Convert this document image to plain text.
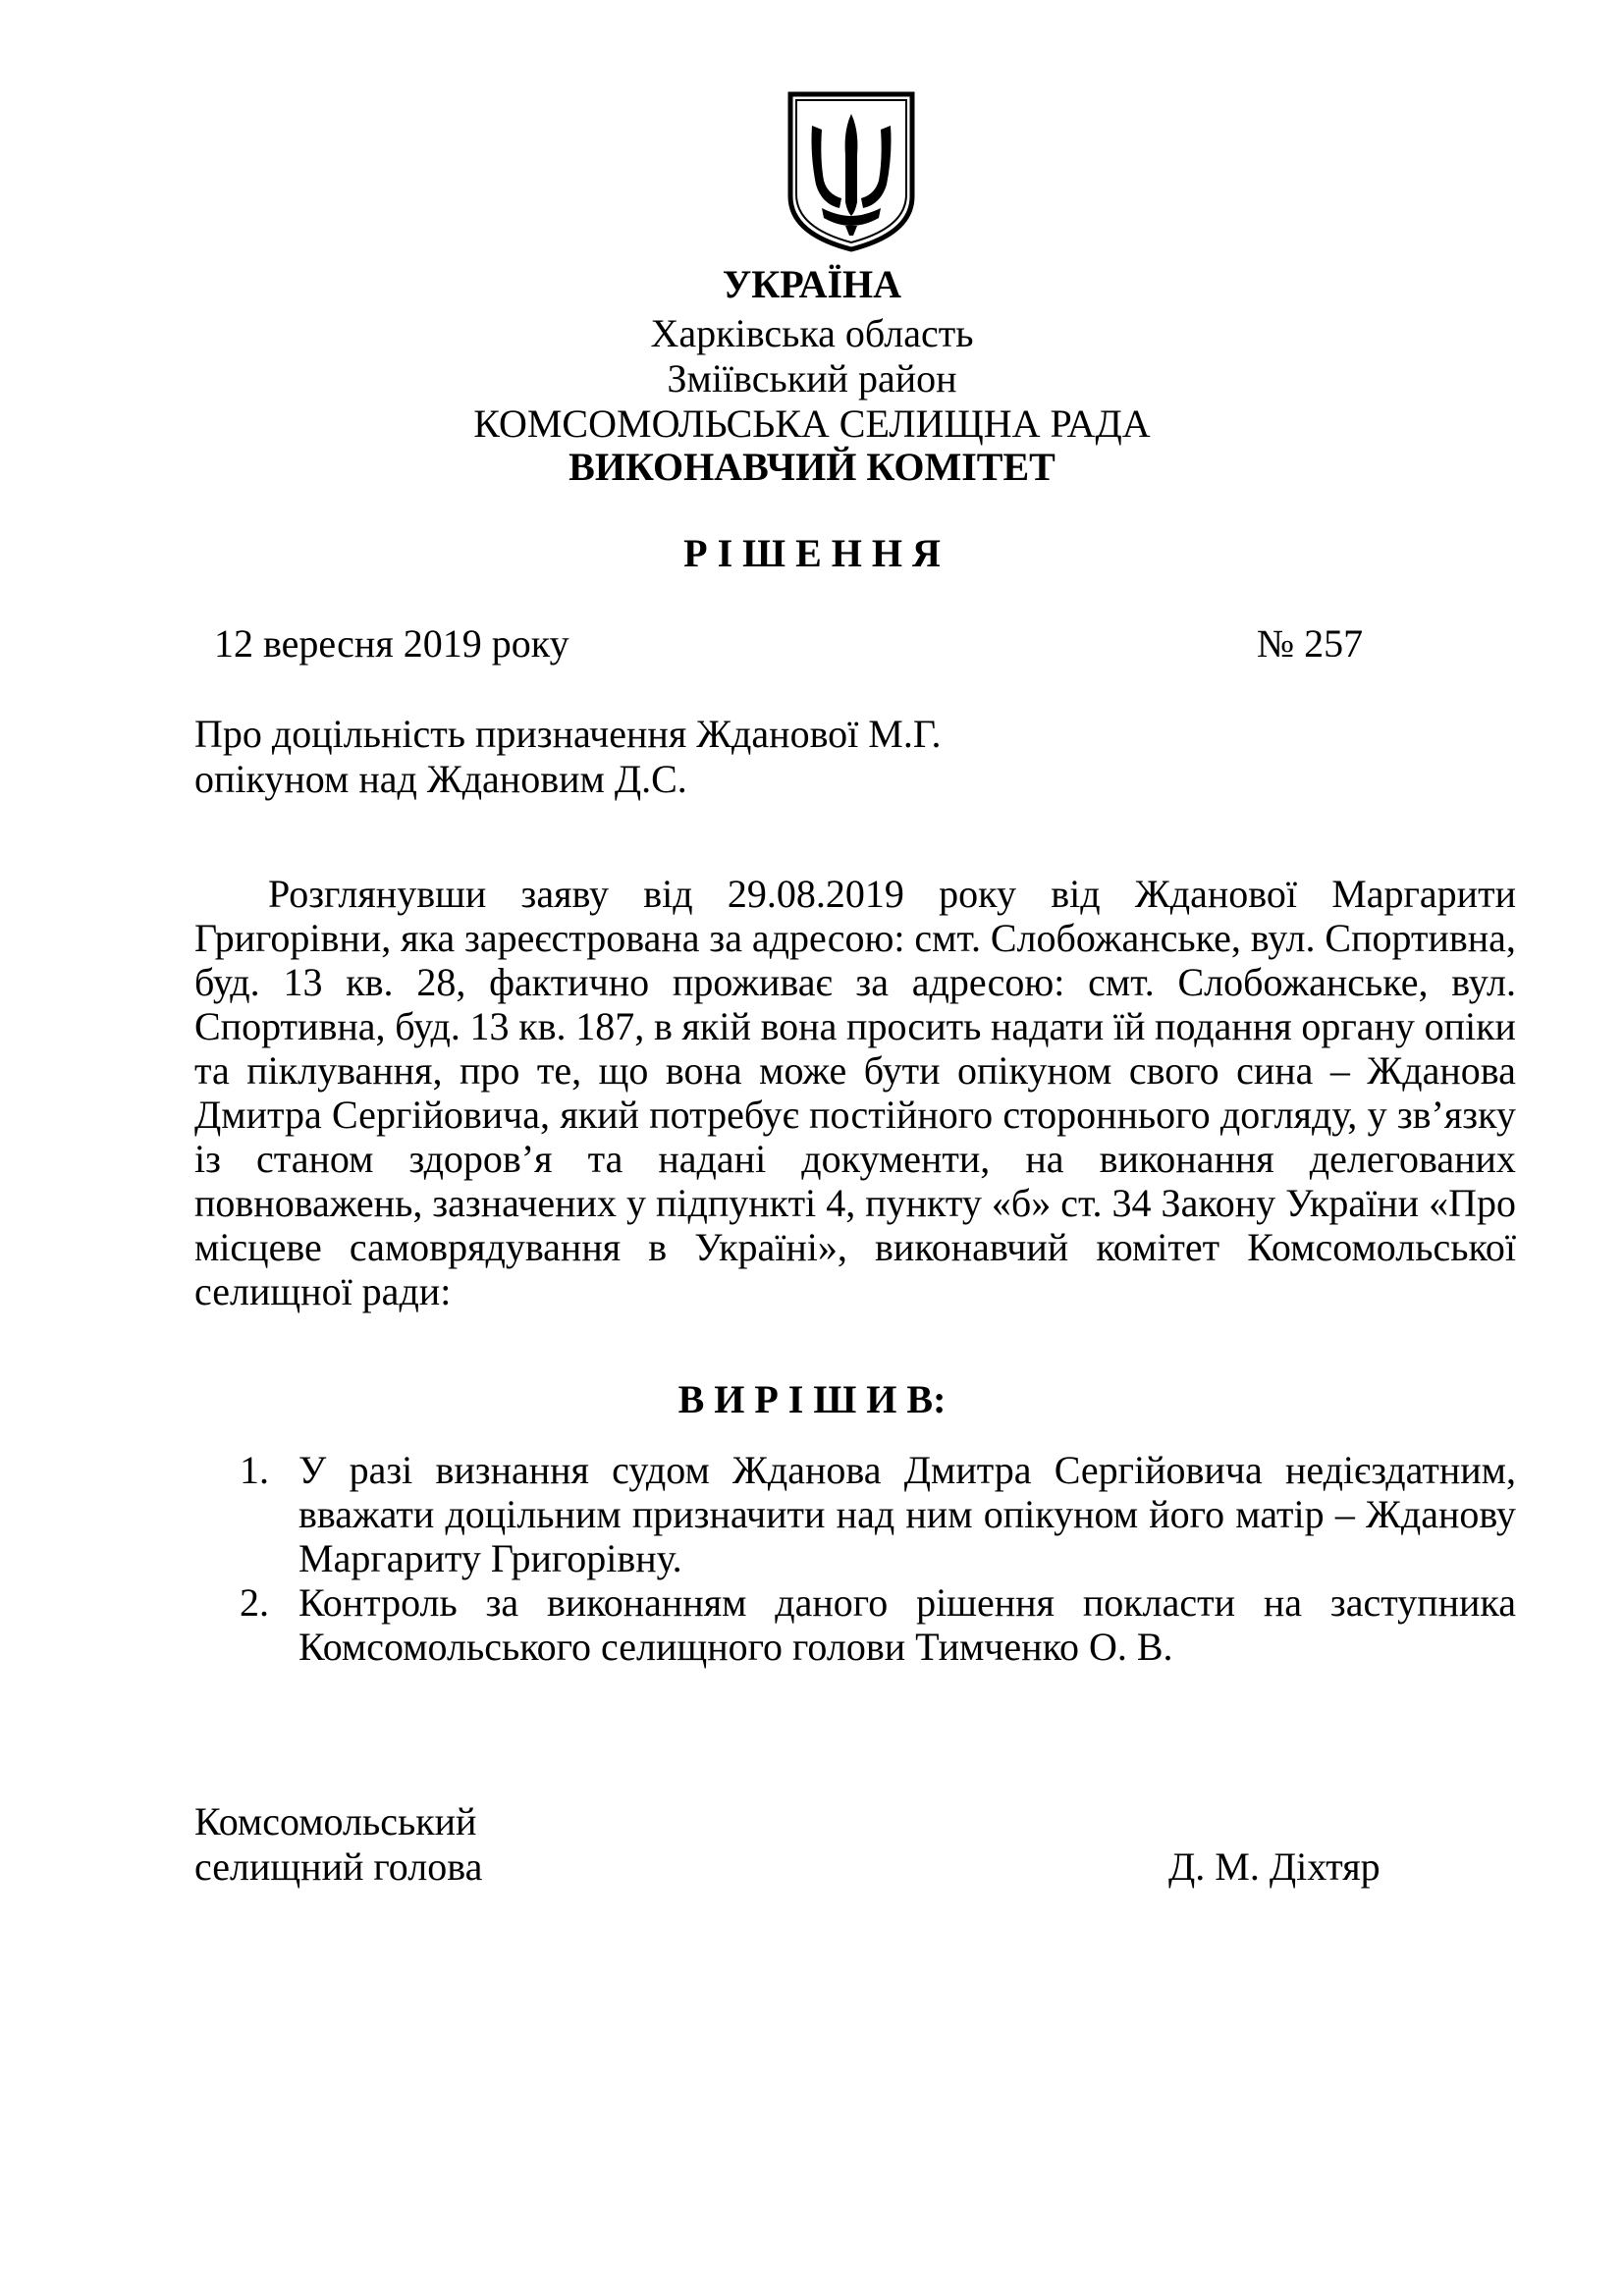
УКРАЇНА
Харківська область
Зміївський район
КОМСОМОЛЬСЬКА СЕЛИЩНА РАДА
ВИКОНАВЧИЙ КОМІТЕТ
Р І Ш Е Н Н Я
12 вересня 2019 року	№ 257
Про доцільність призначення Жданової М.Г.
опікуном над Ждановим Д.С.
Розглянувши заяву від 29.08.2019 року від Жданової Маргарити
Григорівни, яка зареєстрована за адресою: смт. Слобожанське, вул. Спортивна,
буд. 13 кв. 28, фактично проживає за адресою: смт. Слобожанське, вул.
Спортивна, буд. 13 кв. 187, в якій вона просить надати їй подання органу опіки
та піклування, про те, що вона може бути опікуном свого сина – Жданова
Дмитра Сергійовича, який потребує постійного стороннього догляду, у зв’язку
із станом здоров’я та надані документи, на виконання делегованих
повноважень, зазначених у підпункті 4, пункту «б» ст. 34 Закону України «Про
місцеве самоврядування в Україні», виконавчий комітет Комсомольської
селищної ради:
В И Р І Ш И В:
1. У разі визнання судом Жданова Дмитра Сергійовича недієздатним,
вважати доцільним призначити над ним опікуном його матір – Жданову
Маргариту Григорівну.
2. Контроль за виконанням даного рішення покласти на заступника
Комсомольського селищного голови Тимченко О. В.
Комсомольський
селищний голова	Д. М. Діхтяр
